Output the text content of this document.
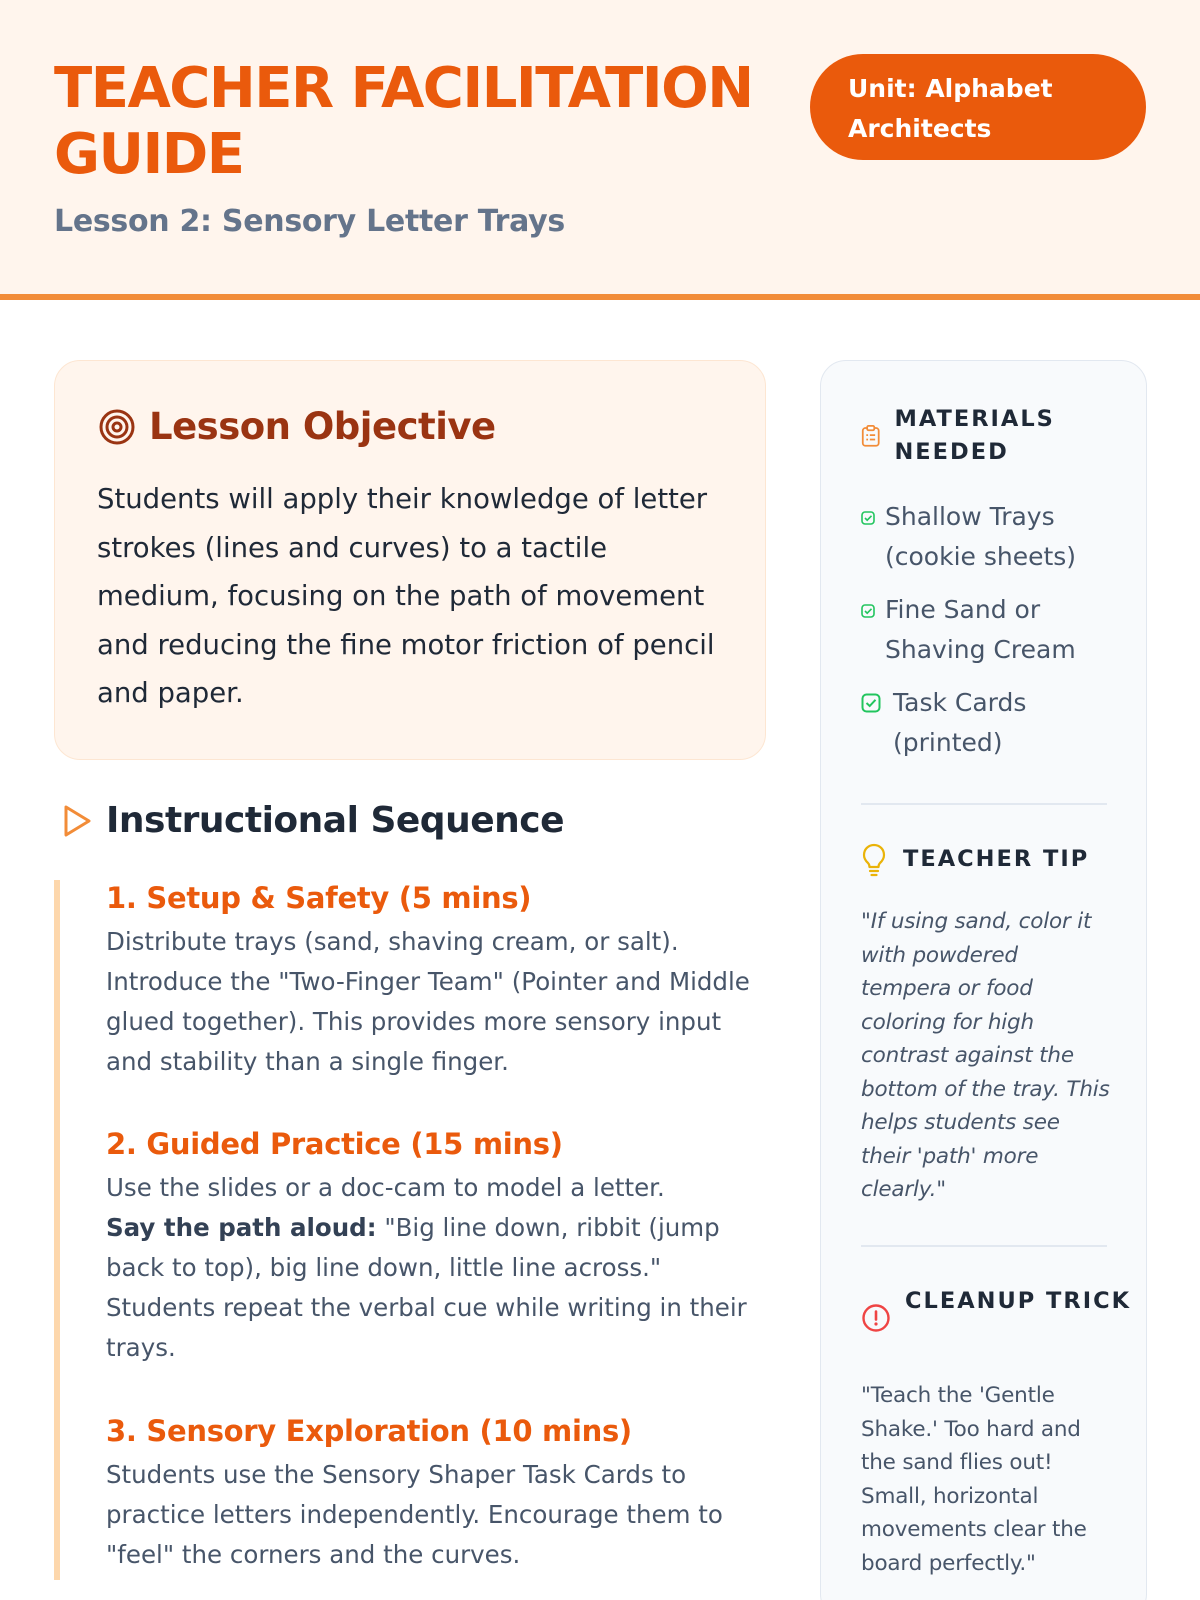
TEACHER FACILITATION GUIDE
Lesson 2: Sensory Letter Trays
Unit: Alphabet Architects
Lesson Objective

Students will apply their knowledge of letter strokes (lines and curves) to a tactile medium, focusing on the path of movement and reducing the fine motor friction of pencil and paper.

Instructional Sequence
1. Setup & Safety (5 mins)

Distribute trays (sand, shaving cream, or salt). Introduce the "Two-Finger Team" (Pointer and Middle glued together). This provides more sensory input and stability than a single finger.

2. Guided Practice (15 mins)

Use the slides or a doc-cam to model a letter.
Say the path aloud: "Big line down, ribbit (jump back to top), big line down, little line across." Students repeat the verbal cue while writing in their trays.

3. Sensory Exploration (10 mins)

Students use the Sensory Shaper Task Cards to practice letters independently. Encourage them to "feel" the corners and the curves.

MATERIALS NEEDED
Shallow Trays (cookie sheets)
Fine Sand or Shaving Cream
Task Cards (printed)
TEACHER TIP

"If using sand, color it with powdered tempera or food coloring for high contrast against the bottom of the tray. This helps students see their 'path' more clearly."

CLEANUP TRICK

"Teach the 'Gentle Shake.' Too hard and the sand flies out! Small, horizontal movements clear the board perfectly."
